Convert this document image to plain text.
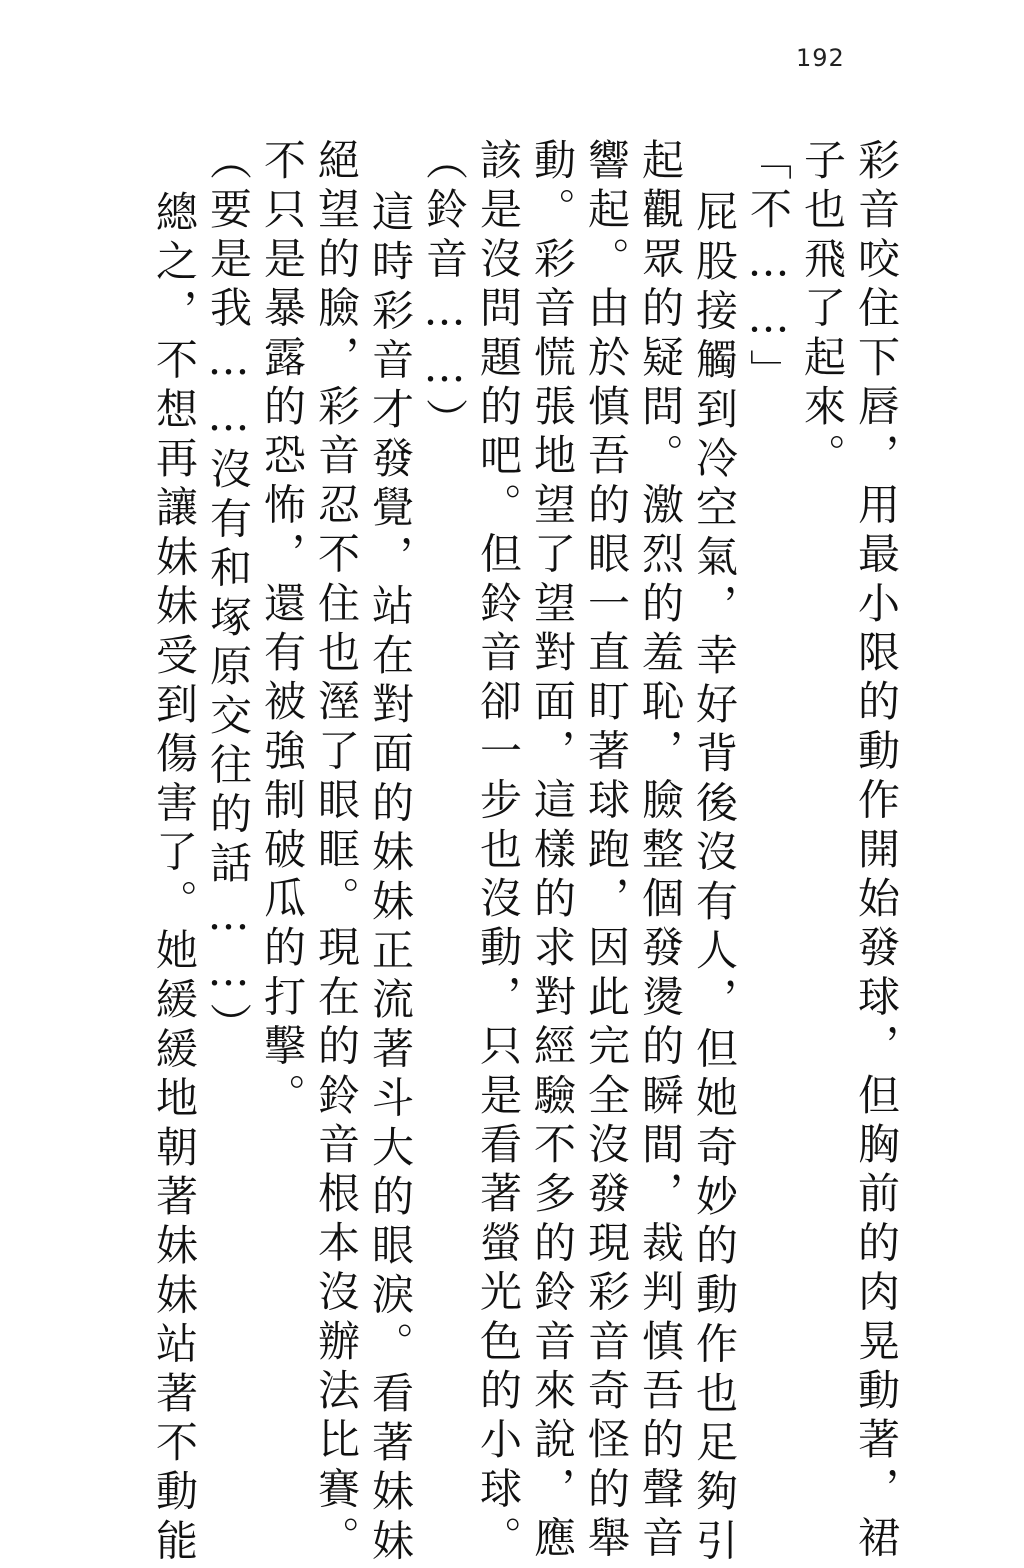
192
彩音咬住下唇，用最小限的動作開始發球，但胸前的肉晃動著，裙
子也飛了起來。
「不……」
屁股接觸到冷空氣，幸好背後沒有人，但她奇妙的動作也足夠引
起觀眾的疑問。激烈的羞恥，臉整個發燙的瞬間，裁判慎吾的聲音
響起。由於慎吾的眼一直盯著球跑，因此完全沒發現彩音奇怪的舉
動。彩音慌張地望了望對面，這樣的求對經驗不多的鈴音來說，應
該是沒問題的吧。但鈴音卻一步也沒動，只是看著螢光色的小球。
（鈴音……）
這時彩音才發覺，站在對面的妹妹正流著斗大的眼淚。看著妹妹
絕望的臉，彩音忍不住也溼了眼眶。現在的鈴音根本沒辦法比賽。
不只是暴露的恐怖，還有被強制破瓜的打擊。
（要是我……沒有和塚原交往的話……）
總之，不想再讓妹妹受到傷害了。她緩緩地朝著妹妹站著不動能
